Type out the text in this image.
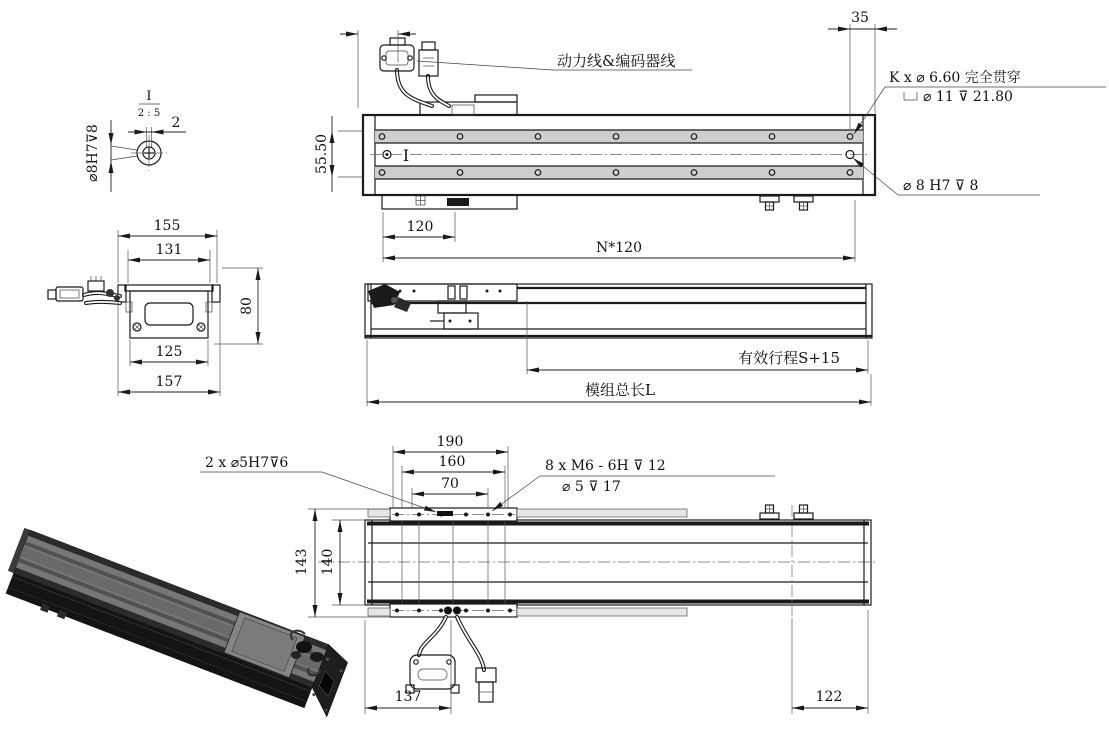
I
2 : 5
2
⌀8H7⊽8	I
动力线&编码器线
55.50
120
N*120
35
K x ⌀ 6.60 完全贯穿
⌀ 11 ⊽ 21.80
⌀ 8 H7 ⊽ 8
155
131
80
125
157
有效行程S+15
模组总长L
190
160
70
2 x ⌀5H7⊽6	8 x M6 - 6H ⊽ 12
⌀ 5 ⊽ 17
143 140
137	122
